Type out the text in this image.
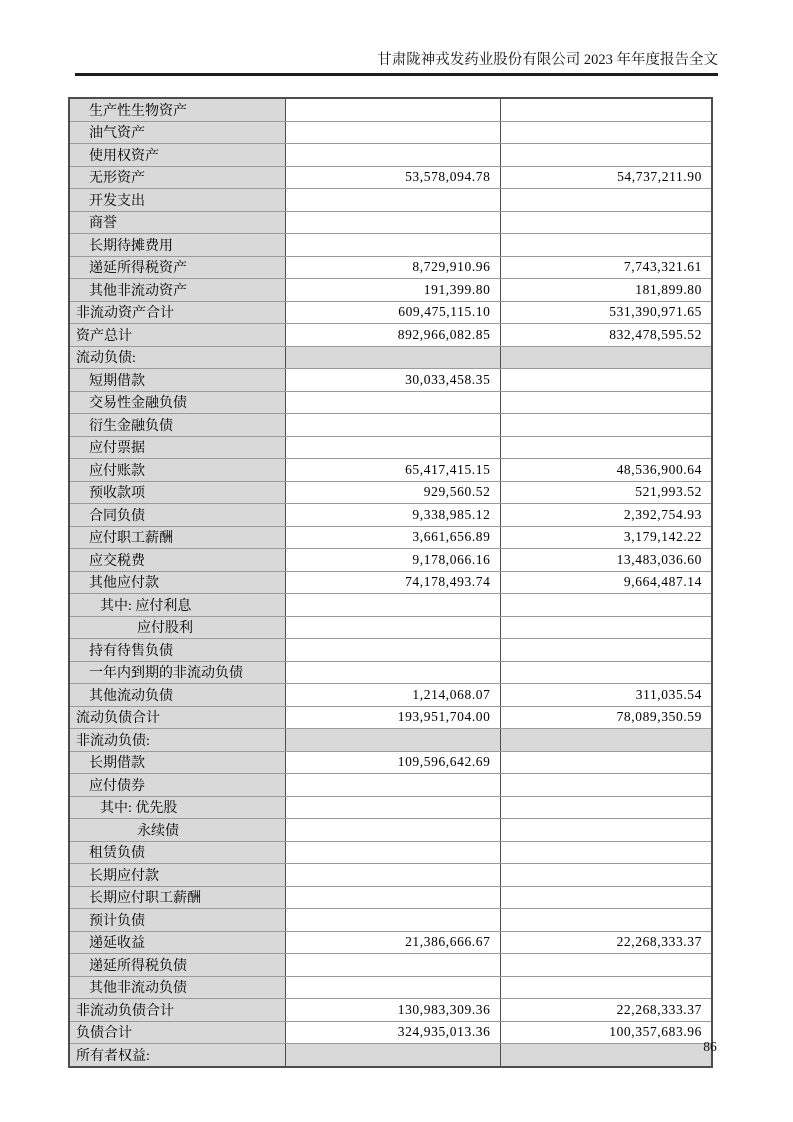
甘肃陇神戎发药业股份有限公司 2023 年年度报告全文
生产性生物资产		
油气资产		
使用权资产		
无形资产	53,578,094.78	54,737,211.90
开发支出		
商誉		
长期待摊费用		
递延所得税资产	8,729,910.96	7,743,321.61
其他非流动资产	191,399.80	181,899.80
非流动资产合计	609,475,115.10	531,390,971.65
资产总计	892,966,082.85	832,478,595.52
流动负债:		
短期借款	30,033,458.35	
交易性金融负债		
衍生金融负债		
应付票据		
应付账款	65,417,415.15	48,536,900.64
预收款项	929,560.52	521,993.52
合同负债	9,338,985.12	2,392,754.93
应付职工薪酬	3,661,656.89	3,179,142.22
应交税费	9,178,066.16	13,483,036.60
其他应付款	74,178,493.74	9,664,487.14
其中: 应付利息		
应付股利		
持有待售负债		
一年内到期的非流动负债		
其他流动负债	1,214,068.07	311,035.54
流动负债合计	193,951,704.00	78,089,350.59
非流动负债:		
长期借款	109,596,642.69	
应付债券		
其中: 优先股		
永续债		
租赁负债		
长期应付款		
长期应付职工薪酬		
预计负债		
递延收益	21,386,666.67	22,268,333.37
递延所得税负债		
其他非流动负债		
非流动负债合计	130,983,309.36	22,268,333.37
负债合计	324,935,013.36	100,357,683.96
所有者权益:		
86
